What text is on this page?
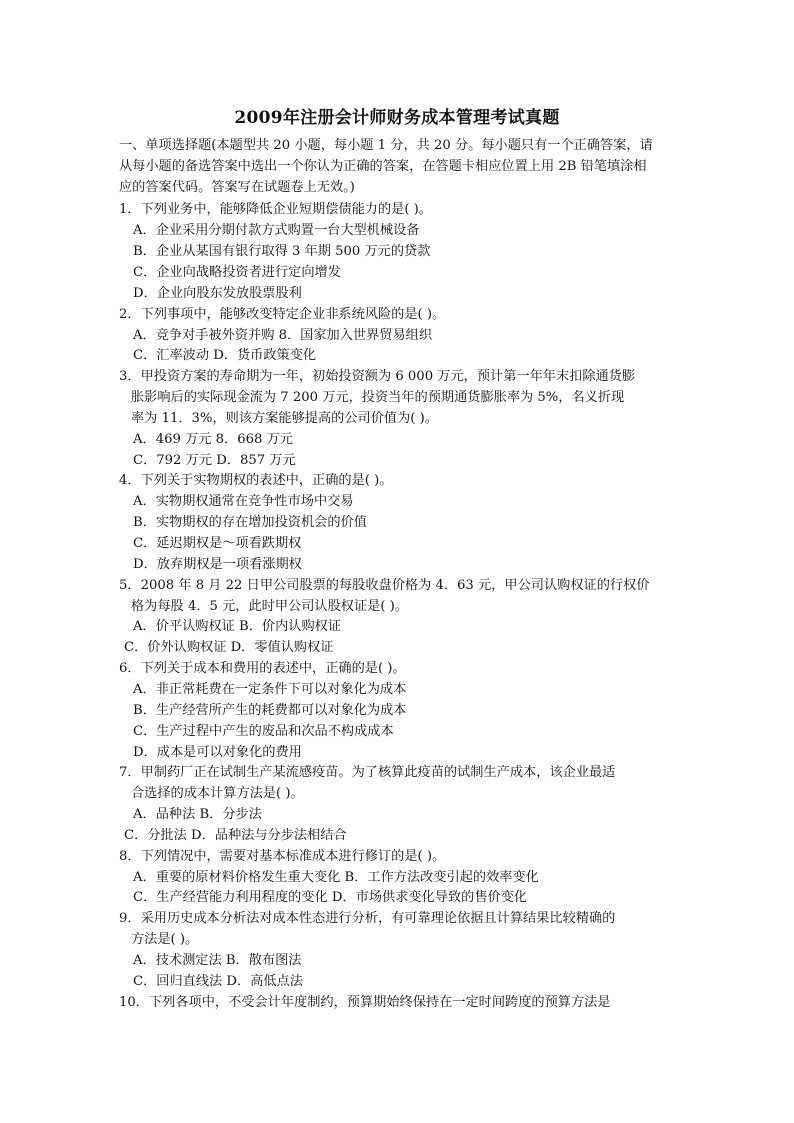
2009年注册会计师财务成本管理考试真题
一、单项选择题(本题型共 20 小题，每小题 1 分，共 20 分。每小题只有一个正确答案，请
从每小题的备选答案中选出一个你认为正确的答案，在答题卡相应位置上用 2B 铅笔填涂相
应的答案代码。答案写在试题卷上无效。)
1．下列业务中，能够降低企业短期偿债能力的是( )。
A．企业采用分期付款方式购置一台大型机械设备
B．企业从某国有银行取得 3 年期 500 万元的贷款
C．企业向战略投资者进行定向增发
D．企业向股东发放股票股利
2．下列事项中，能够改变特定企业非系统风险的是( )。
A．竞争对手被外资并购 8．国家加入世界贸易组织
C．汇率波动 D．货币政策变化
3．甲投资方案的寿命期为一年，初始投资额为 6 000 万元，预计第一年年末扣除通货膨
胀影响后的实际现金流为 7 200 万元，投资当年的预期通货膨胀率为 5%，名义折现
率为 11．3%，则该方案能够提高的公司价值为( )。
A．469 万元 8．668 万元
C．792 万元 D．857 万元
4．下列关于实物期权的表述中，正确的是( )。
A．实物期权通常在竞争性市场中交易
B．实物期权的存在增加投资机会的价值
C．延迟期权是～项看跌期权
D．放弃期权是一项看涨期权
5．2008 年 8 月 22 日甲公司股票的每股收盘价格为 4．63 元，甲公司认购权证的行权价
格为每股 4．5 元，此时甲公司认股权证是( )。
A．价平认购权证 B．价内认购权证
C．价外认购权证 D．零值认购权证
6．下列关于成本和费用的表述中，正确的是( )。
A．非正常耗费在一定条件下可以对象化为成本
B．生产经营所产生的耗费都可以对象化为成本
C．生产过程中产生的废品和次品不构成成本
D．成本是可以对象化的费用
7．甲制药厂正在试制生产某流感疫苗。为了核算此疫苗的试制生产成本，该企业最适
合选择的成本计算方法是( )。
A．品种法 B．分步法
C．分批法 D．品种法与分步法相结合
8．下列情况中，需要对基本标准成本进行修订的是( )。
A．重要的原材料价格发生重大变化 B．工作方法改变引起的效率变化
C．生产经营能力利用程度的变化 D．市场供求变化导致的售价变化
9．采用历史成本分析法对成本性态进行分析，有可靠理论依据且计算结果比较精确的
方法是( )。
A．技术测定法 B．散布图法
C．回归直线法 D．高低点法
10．下列各项中，不受会计年度制约，预算期始终保持在一定时间跨度的预算方法是
